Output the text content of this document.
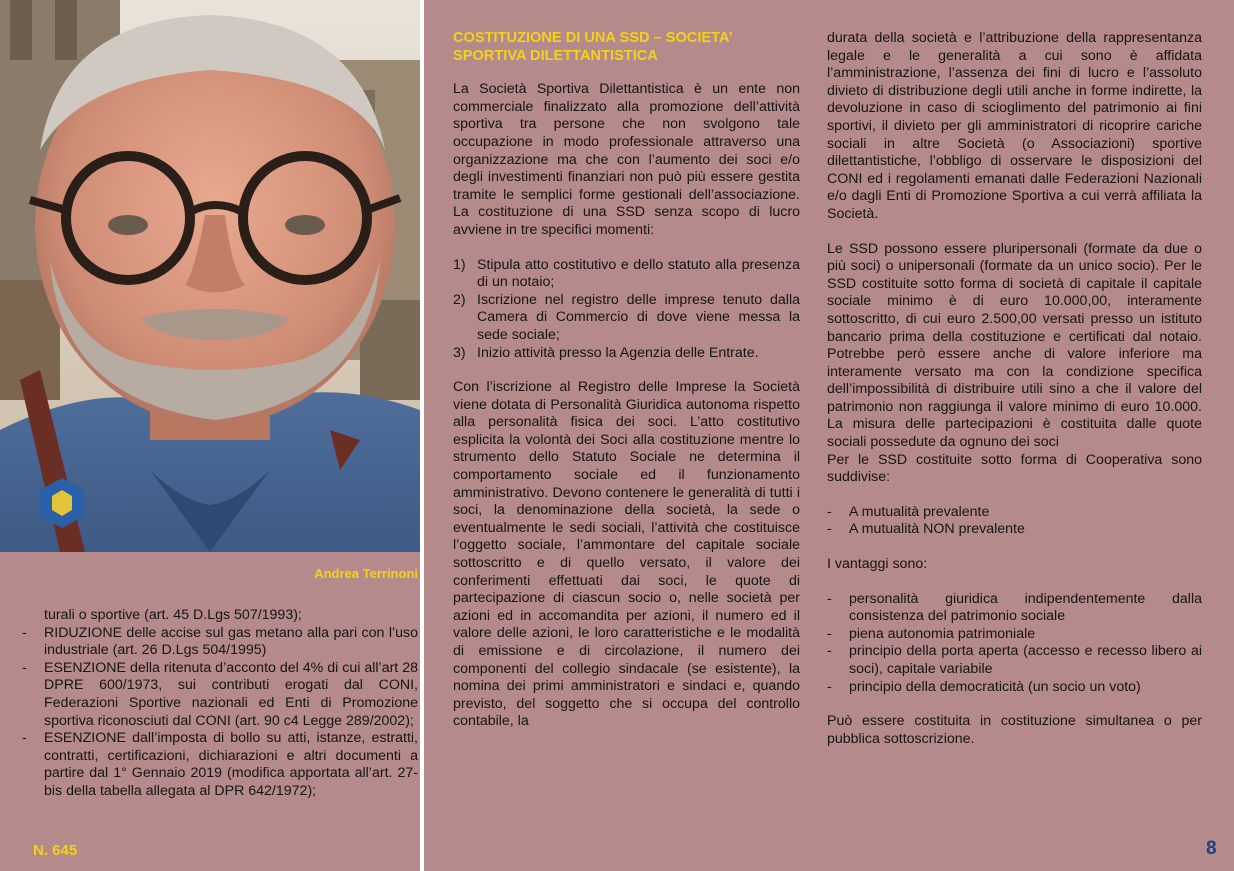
Andrea Terrinoni
turali o sportive (art. 45 D.Lgs 507/1993);
- RIDUZIONE delle accise sul gas metano alla pari con l’uso industriale (art. 26 D.Lgs 504/1995)
- ESENZIONE della ritenuta d’acconto del 4% di cui all’art 28 DPRE 600/1973, sui contributi erogati dal CONI, Federazioni Sportive nazionali ed Enti di Promozione sportiva riconosciuti dal CONI (art. 90 c4 Legge 289/2002);
- ESENZIONE dall’imposta di bollo su atti, istanze, estratti, contratti, certificazioni, dichiarazioni e altri documenti a partire dal 1° Gennaio 2019 (modifica apportata all’art. 27-bis della tabella allegata al DPR 642/1972);
COSTITUZIONE DI UNA SSD – SOCIETA’ SPORTIVA DILETTANTISTICA

La Società Sportiva Dilettantistica è un ente non commerciale finalizzato alla promozione dell’attività sportiva tra persone che non svolgono tale occupazione in modo professionale attraverso una organizzazione ma che con l’aumento dei soci e/o degli investimenti finanziari non può più essere gestita tramite le semplici forme gestionali dell’associazione. La costituzione di una SSD senza scopo di lucro avviene in tre specifici momenti:

1) Stipula atto costitutivo e dello statuto alla presenza di un notaio;
2) Iscrizione nel registro delle imprese tenuto dalla Camera di Commercio di dove viene messa la sede sociale;
3) Inizio attività presso la Agenzia delle Entrate.

Con l’iscrizione al Registro delle Imprese la Società viene dotata di Personalità Giuridica autonoma rispetto alla personalità fisica dei soci. L’atto costitutivo esplicita la volontà dei Soci alla costituzione mentre lo strumento dello Statuto Sociale ne determina il comportamento sociale ed il funzionamento amministrativo. Devono contenere le generalità di tutti i soci, la denominazione della società, la sede o eventualmente le sedi sociali, l’attività che costituisce l’oggetto sociale, l’ammontare del capitale sociale sottoscritto e di quello versato, il valore dei conferimenti effettuati dai soci, le quote di partecipazione di ciascun socio o, nelle società per azioni ed in accomandita per azioni, il numero ed il valore delle azioni, le loro caratteristiche e le modalità di emissione e di circolazione, il numero dei componenti del collegio sindacale (se esistente), la nomina dei primi amministratori e sindaci e, quando previsto, del soggetto che si occupa del controllo contabile, la

durata della società e l’attribuzione della rappresentanza legale e le generalità a cui sono è affidata l’amministrazione, l’assenza dei fini di lucro e l’assoluto divieto di distribuzione degli utili anche in forme indirette, la devoluzione in caso di scioglimento del patrimonio ai fini sportivi, il divieto per gli amministratori di ricoprire cariche sociali in altre Società (o Associazioni) sportive dilettantistiche, l’obbligo di osservare le disposizioni del CONI ed i regolamenti emanati dalle Federazioni Nazionali e/o dagli Enti di Promozione Sportiva a cui verrà affiliata la Società.

Le SSD possono essere pluripersonali (formate da due o più soci) o unipersonali (formate da un unico socio). Per le SSD costituite sotto forma di società di capitale il capitale sociale minimo è di euro 10.000,00, interamente sottoscritto, di cui euro 2.500,00 versati presso un istituto bancario prima della costituzione e certificati dal notaio. Potrebbe però essere anche di valore inferiore ma interamente versato ma con la condizione specifica dell’impossibilità di distribuire utili sino a che il valore del patrimonio non raggiunga il valore minimo di euro 10.000. La misura delle partecipazioni è costituita dalle quote sociali possedute da ognuno dei soci

Per le SSD costituite sotto forma di Cooperativa sono suddivise:

- A mutualità prevalente
- A mutualità NON prevalente

I vantaggi sono:

- personalità giuridica indipendentemente dalla consistenza del patrimonio sociale
- piena autonomia patrimoniale
- principio della porta aperta (accesso e recesso libero ai soci), capitale variabile
- principio della democraticità (un socio un voto)

Può essere costituita in costituzione simultanea o per pubblica sottoscrizione.

N. 645	8
